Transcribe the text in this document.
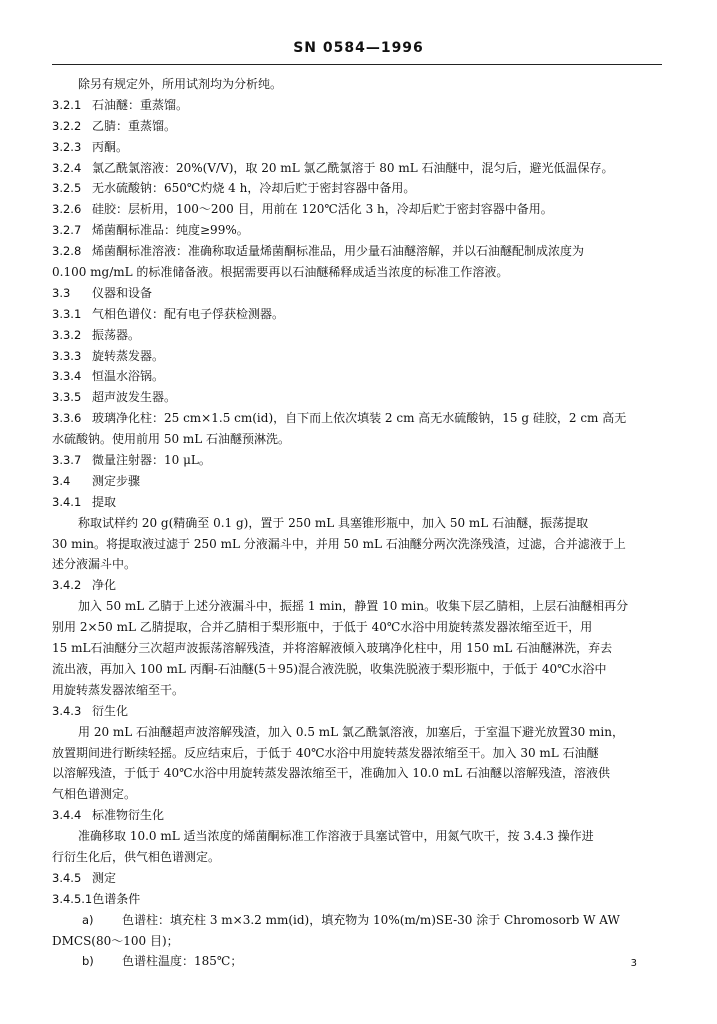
SN 0584—1996
除另有规定外，所用试剂均为分析纯。
3.2.1 石油醚：重蒸馏。
3.2.2 乙腈：重蒸馏。
3.2.3 丙酮。
3.2.4 氯乙酰氯溶液：20%(V/V)，取 20 mL 氯乙酰氯溶于 80 mL 石油醚中，混匀后，避光低温保存。
3.2.5 无水硫酸钠：650℃灼烧 4 h，冷却后贮于密封容器中备用。
3.2.6 硅胶：层析用，100～200 目，用前在 120℃活化 3 h，冷却后贮于密封容器中备用。
3.2.7 烯菌酮标准品：纯度≥99%。
3.2.8 烯菌酮标准溶液：准确称取适量烯菌酮标准品，用少量石油醚溶解，并以石油醚配制成浓度为
0.100 mg/mL 的标准储备液。根据需要再以石油醚稀释成适当浓度的标准工作溶液。
3.3 仪器和设备
3.3.1 气相色谱仪：配有电子俘获检测器。
3.3.2 振荡器。
3.3.3 旋转蒸发器。
3.3.4 恒温水浴锅。
3.3.5 超声波发生器。
3.3.6 玻璃净化柱：25 cm×1.5 cm(id)，自下而上依次填装 2 cm 高无水硫酸钠，15 g 硅胶，2 cm 高无
水硫酸钠。使用前用 50 mL 石油醚预淋洗。
3.3.7 微量注射器：10 μL。
3.4 测定步骤
3.4.1 提取
称取试样约 20 g(精确至 0.1 g)，置于 250 mL 具塞锥形瓶中，加入 50 mL 石油醚，振荡提取
30 min。将提取液过滤于 250 mL 分液漏斗中，并用 50 mL 石油醚分两次洗涤残渣，过滤，合并滤液于上
述分液漏斗中。
3.4.2 净化
加入 50 mL 乙腈于上述分液漏斗中，振摇 1 min，静置 10 min。收集下层乙腈相，上层石油醚相再分
别用 2×50 mL 乙腈提取，合并乙腈相于梨形瓶中，于低于 40℃水浴中用旋转蒸发器浓缩至近干，用
15 mL石油醚分三次超声波振荡溶解残渣，并将溶解液倾入玻璃净化柱中，用 150 mL 石油醚淋洗，弃去
流出液，再加入 100 mL 丙酮-石油醚(5＋95)混合液洗脱，收集洗脱液于梨形瓶中，于低于 40℃水浴中
用旋转蒸发器浓缩至干。
3.4.3 衍生化
用 20 mL 石油醚超声波溶解残渣，加入 0.5 mL 氯乙酰氯溶液，加塞后，于室温下避光放置30 min，
放置期间进行断续轻摇。反应结束后，于低于 40℃水浴中用旋转蒸发器浓缩至干。加入 30 mL 石油醚
以溶解残渣，于低于 40℃水浴中用旋转蒸发器浓缩至干，准确加入 10.0 mL 石油醚以溶解残渣，溶液供
气相色谱测定。
3.4.4 标准物衍生化
准确移取 10.0 mL 适当浓度的烯菌酮标准工作溶液于具塞试管中，用氮气吹干，按 3.4.3 操作进
行衍生化后，供气相色谱测定。
3.4.5 测定
3.4.5.1色谱条件
a) 色谱柱：填充柱 3 m×3.2 mm(id)，填充物为 10%(m/m)SE-30 涂于 Chromosorb W AW
DMCS(80～100 目)；
b) 色谱柱温度：185℃；	3
